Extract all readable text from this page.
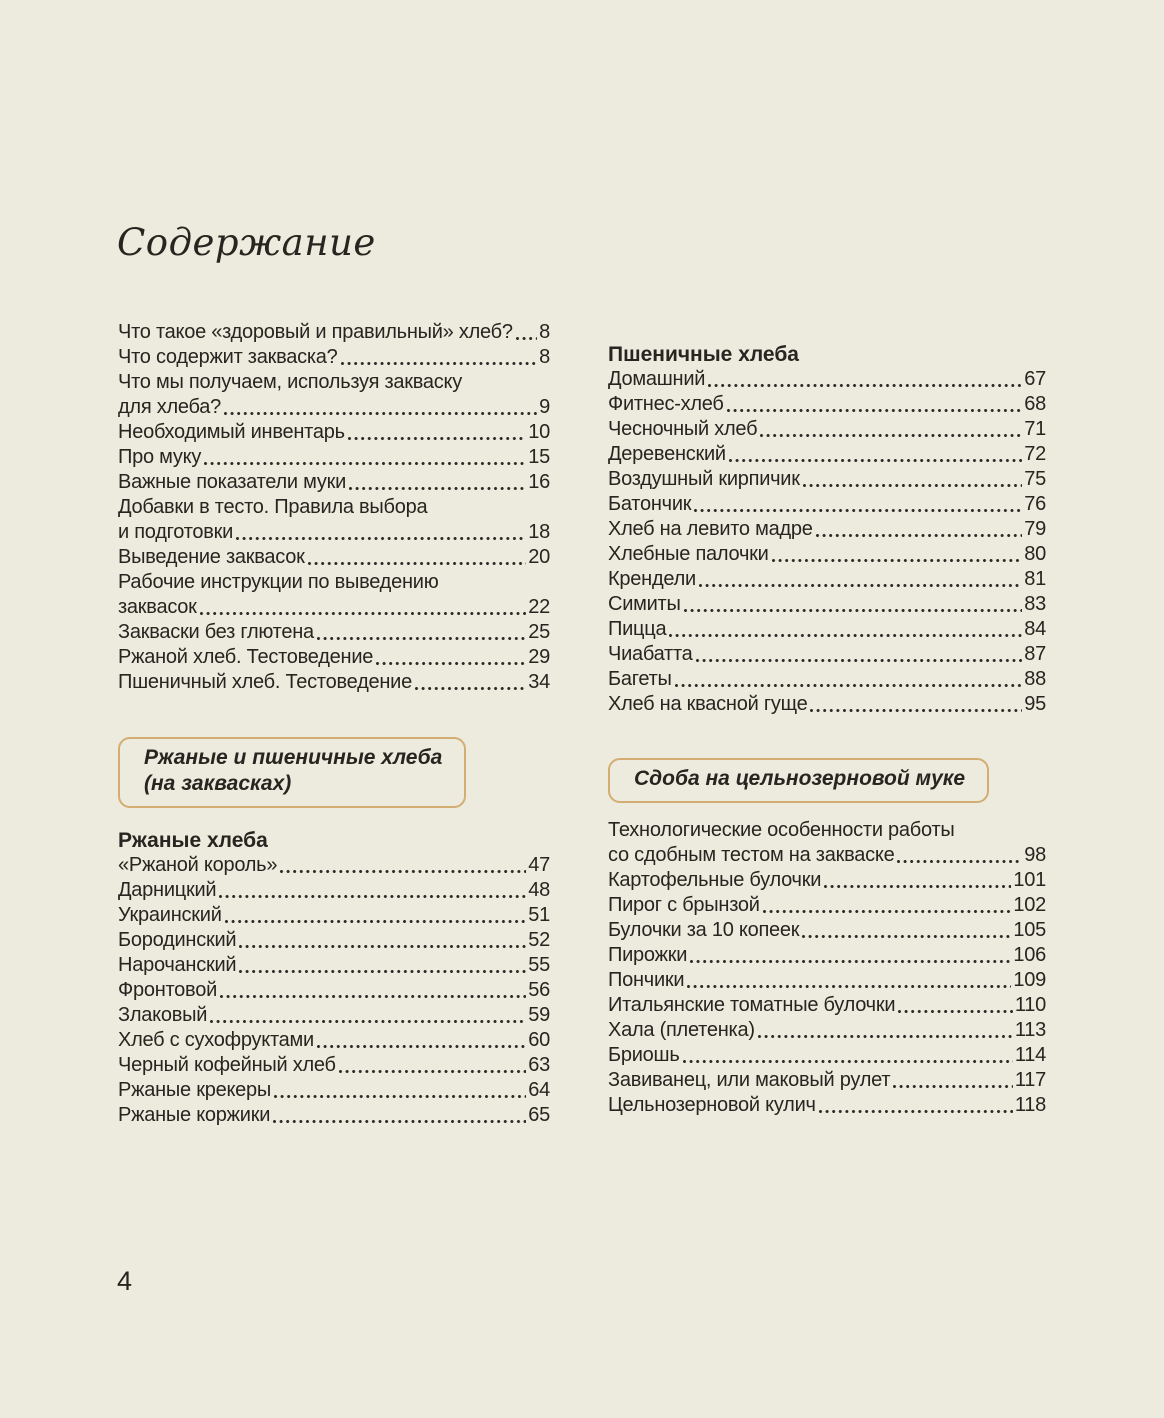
Содержание
Что такое «здоровый и правильный» хлеб? 8
Что содержит закваска?	8
Что мы получаем, используя закваску
для хлеба?	9
Необходимый инвентарь	10
Про муку	15
Важные показатели муки	16
Добавки в тесто. Правила выбора
и подготовки	18
Выведение заквасок	20
Рабочие инструкции по выведению
заквасок	22
Закваски без глютена	25
Ржаной хлеб. Тестоведение	29
Пшеничный хлеб. Тестоведение	34
Ржаные и пшеничные хлеба
(на заквасках)
Ржаные хлеба
«Ржаной король»	47
Дарницкий	48
Украинский	51
Бородинский	52
Нарочанский	55
Фронтовой	56
Злаковый	59
Хлеб с сухофруктами	60
Черный кофейный хлеб	63
Ржаные крекеры	64
Ржаные коржики	65
Пшеничные хлеба
Домашний	67
Фитнес-хлеб	68
Чесночный хлеб	71
Деревенский	72
Воздушный кирпичик	75
Батончик	76
Хлеб на левито мадре	79
Хлебные палочки	80
Крендели	81
Симиты	83
Пицца	84
Чиабатта	87
Багеты	88
Хлеб на квасной гуще	95
Сдоба на цельнозерновой муке
Технологические особенности работы
со сдобным тестом на закваске	98
Картофельные булочки	101
Пирог с брынзой	102
Булочки за 10 копеек	105
Пирожки	106
Пончики	109
Итальянские томатные булочки	110
Хала (плетенка)	113
Бриошь	114
Завиванец, или маковый рулет	117
Цельнозерновой кулич	118
4
